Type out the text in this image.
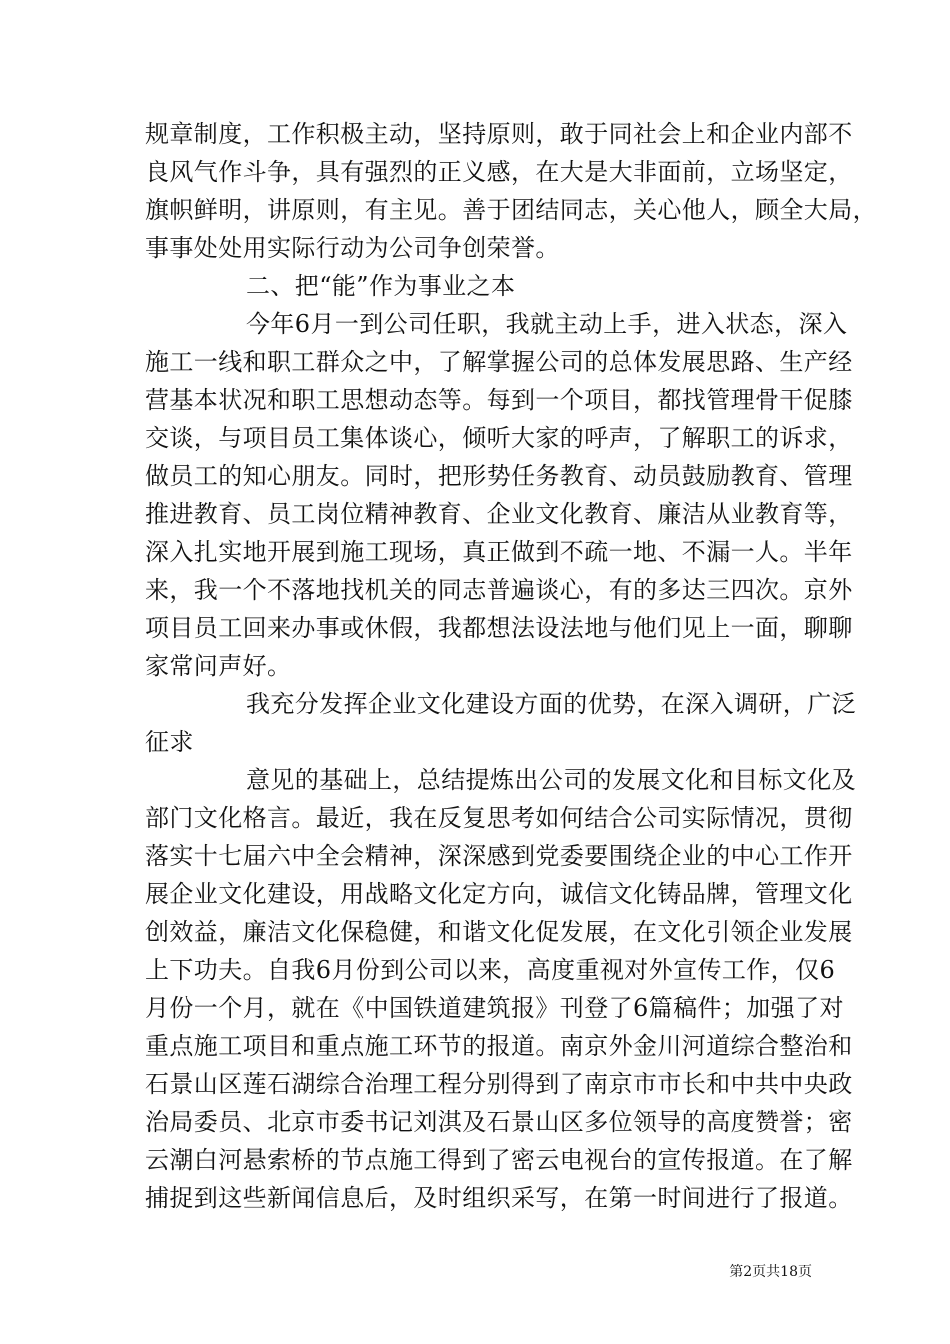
规章制度，工作积极主动，坚持原则，敢于同社会上和企业内部不
良风气作斗争，具有强烈的正义感，在大是大非面前，立场坚定，
旗帜鲜明，讲原则，有主见。善于团结同志，关心他人，顾全大局，
事事处处用实际行动为公司争创荣誉。
二、把“能”作为事业之本
今年6月一到公司任职，我就主动上手，进入状态，深入
施工一线和职工群众之中，了解掌握公司的总体发展思路、生产经
营基本状况和职工思想动态等。每到一个项目，都找管理骨干促膝
交谈，与项目员工集体谈心，倾听大家的呼声，了解职工的诉求，
做员工的知心朋友。同时，把形势任务教育、动员鼓励教育、管理
推进教育、员工岗位精神教育、企业文化教育、廉洁从业教育等，
深入扎实地开展到施工现场，真正做到不疏一地、不漏一人。半年
来，我一个不落地找机关的同志普遍谈心，有的多达三四次。京外
项目员工回来办事或休假，我都想法设法地与他们见上一面，聊聊
家常问声好。
我充分发挥企业文化建设方面的优势，在深入调研，广泛
征求
意见的基础上，总结提炼出公司的发展文化和目标文化及
部门文化格言。最近，我在反复思考如何结合公司实际情况，贯彻
落实十七届六中全会精神，深深感到党委要围绕企业的中心工作开
展企业文化建设，用战略文化定方向，诚信文化铸品牌，管理文化
创效益，廉洁文化保稳健，和谐文化促发展，在文化引领企业发展
上下功夫。自我6月份到公司以来，高度重视对外宣传工作，仅6
月份一个月，就在《中国铁道建筑报》刊登了6篇稿件；加强了对
重点施工项目和重点施工环节的报道。南京外金川河道综合整治和
石景山区莲石湖综合治理工程分别得到了南京市市长和中共中央政
治局委员、北京市委书记刘淇及石景山区多位领导的高度赞誉；密
云潮白河悬索桥的节点施工得到了密云电视台的宣传报道。在了解
捕捉到这些新闻信息后，及时组织采写，在第一时间进行了报道。
第2页共18页
